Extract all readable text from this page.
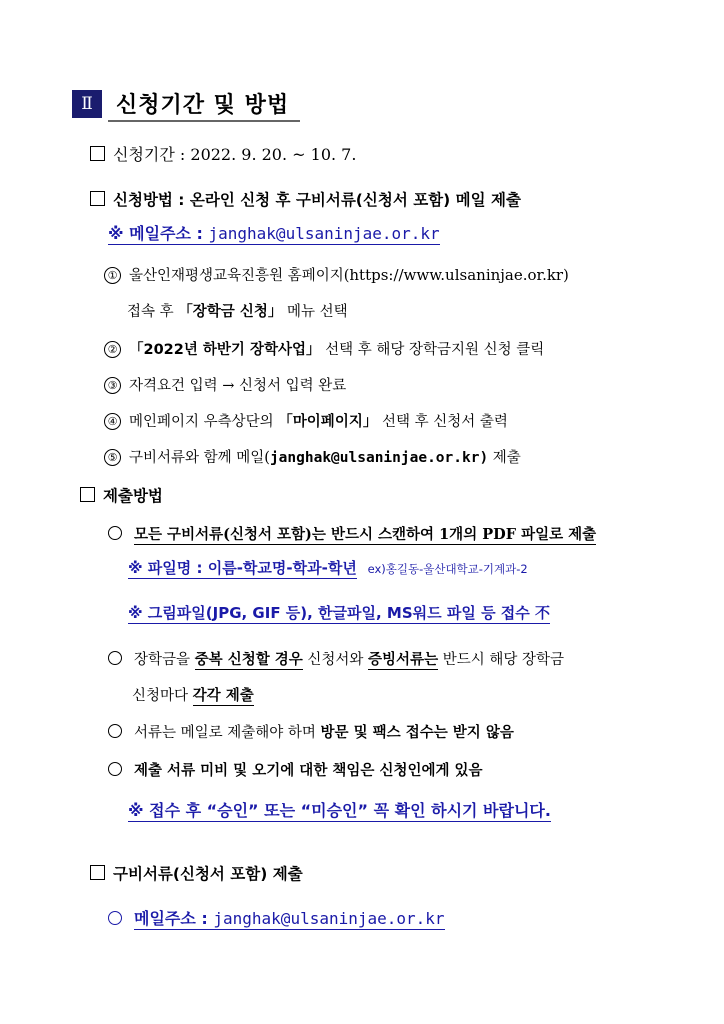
Ⅱ	신청기간 및 방법
신청기간 : 2022. 9. 20. ~ 10. 7.
신청방법 : 온라인 신청 후 구비서류(신청서 포함) 메일 제출
※ 메일주소 : janghak@ulsaninjae.or.kr
① 울산인재평생교육진흥원 홈페이지(https://www.ulsaninjae.or.kr)
접속 후 「장학금 신청」 메뉴 선택
② 「2022년 하반기 장학사업」 선택 후 해당 장학금지원 신청 클릭
③ 자격요건 입력 → 신청서 입력 완료
④ 메인페이지 우측상단의 「마이페이지」 선택 후 신청서 출력
⑤ 구비서류와 함께 메일(janghak@ulsaninjae.or.kr) 제출
제출방법
모든 구비서류(신청서 포함)는 반드시 스캔하여 1개의 PDF 파일로 제출
※ 파일명 : 이름-학교명-학과-학년 ex)홍길동-울산대학교-기계과-2
※ 그림파일(JPG, GIF 등), 한글파일, MS워드 파일 등 접수 不
장학금을 중복 신청할 경우 신청서와 증빙서류는 반드시 해당 장학금
신청마다 각각 제출
서류는 메일로 제출해야 하며 방문 및 팩스 접수는 받지 않음
제출 서류 미비 및 오기에 대한 책임은 신청인에게 있음
※ 접수 후 “승인” 또는 “미승인” 꼭 확인 하시기 바랍니다.
구비서류(신청서 포함) 제출
메일주소 : janghak@ulsaninjae.or.kr
